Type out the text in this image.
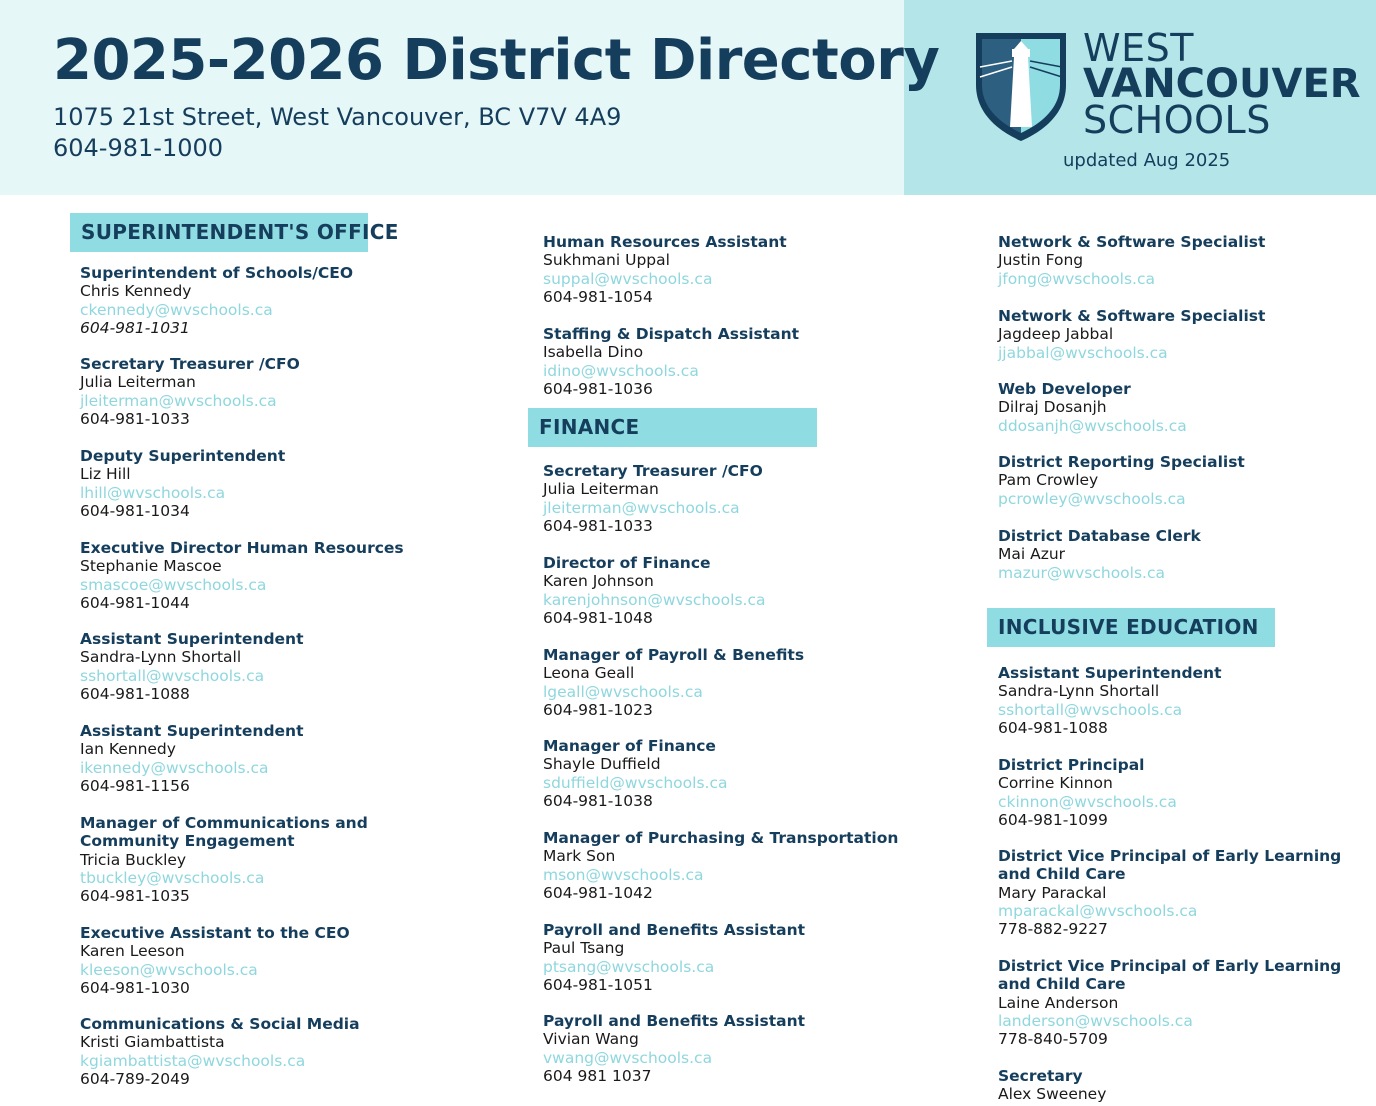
2025-2026 District Directory
1075 21st Street, West Vancouver, BC V7V 4A9
604-981-1000
WEST
VANCOUVER
SCHOOLS
updated Aug 2025
SUPERINTENDENT'S OFFICE
Superintendent of Schools/CEO
Chris Kennedy
ckennedy@wvschools.ca
604-981-1031
Secretary Treasurer /CFO
Julia Leiterman
jleiterman@wvschools.ca
604-981-1033
Deputy Superintendent
Liz Hill
lhill@wvschools.ca
604-981-1034
Executive Director Human Resources
Stephanie Mascoe
smascoe@wvschools.ca
604-981-1044
Assistant Superintendent
Sandra-Lynn Shortall
sshortall@wvschools.ca
604-981-1088
Assistant Superintendent
Ian Kennedy
ikennedy@wvschools.ca
604-981-1156
Manager of Communications and
Community Engagement
Tricia Buckley
tbuckley@wvschools.ca
604-981-1035
Executive Assistant to the CEO
Karen Leeson
kleeson@wvschools.ca
604-981-1030
Communications & Social Media
Kristi Giambattista
kgiambattista@wvschools.ca
604-789-2049
Human Resources Assistant
Sukhmani Uppal
suppal@wvschools.ca
604-981-1054
Staffing & Dispatch Assistant
Isabella Dino
idino@wvschools.ca
604-981-1036
FINANCE
Secretary Treasurer /CFO
Julia Leiterman
jleiterman@wvschools.ca
604-981-1033
Director of Finance
Karen Johnson
karenjohnson@wvschools.ca
604-981-1048
Manager of Payroll & Benefits
Leona Geall
lgeall@wvschools.ca
604-981-1023
Manager of Finance
Shayle Duffield
sduffield@wvschools.ca
604-981-1038
Manager of Purchasing & Transportation
Mark Son
mson@wvschools.ca
604-981-1042
Payroll and Benefits Assistant
Paul Tsang
ptsang@wvschools.ca
604-981-1051
Payroll and Benefits Assistant
Vivian Wang
vwang@wvschools.ca
604 981 1037
Network & Software Specialist
Justin Fong
jfong@wvschools.ca
Network & Software Specialist
Jagdeep Jabbal
jjabbal@wvschools.ca
Web Developer
Dilraj Dosanjh
ddosanjh@wvschools.ca
District Reporting Specialist
Pam Crowley
pcrowley@wvschools.ca
District Database Clerk
Mai Azur
mazur@wvschools.ca
INCLUSIVE EDUCATION
Assistant Superintendent
Sandra-Lynn Shortall
sshortall@wvschools.ca
604-981-1088
District Principal
Corrine Kinnon
ckinnon@wvschools.ca
604-981-1099
District Vice Principal of Early Learning
and Child Care
Mary Parackal
mparackal@wvschools.ca
778-882-9227
District Vice Principal of Early Learning
and Child Care
Laine Anderson
landerson@wvschools.ca
778-840-5709
Secretary
Alex Sweeney
